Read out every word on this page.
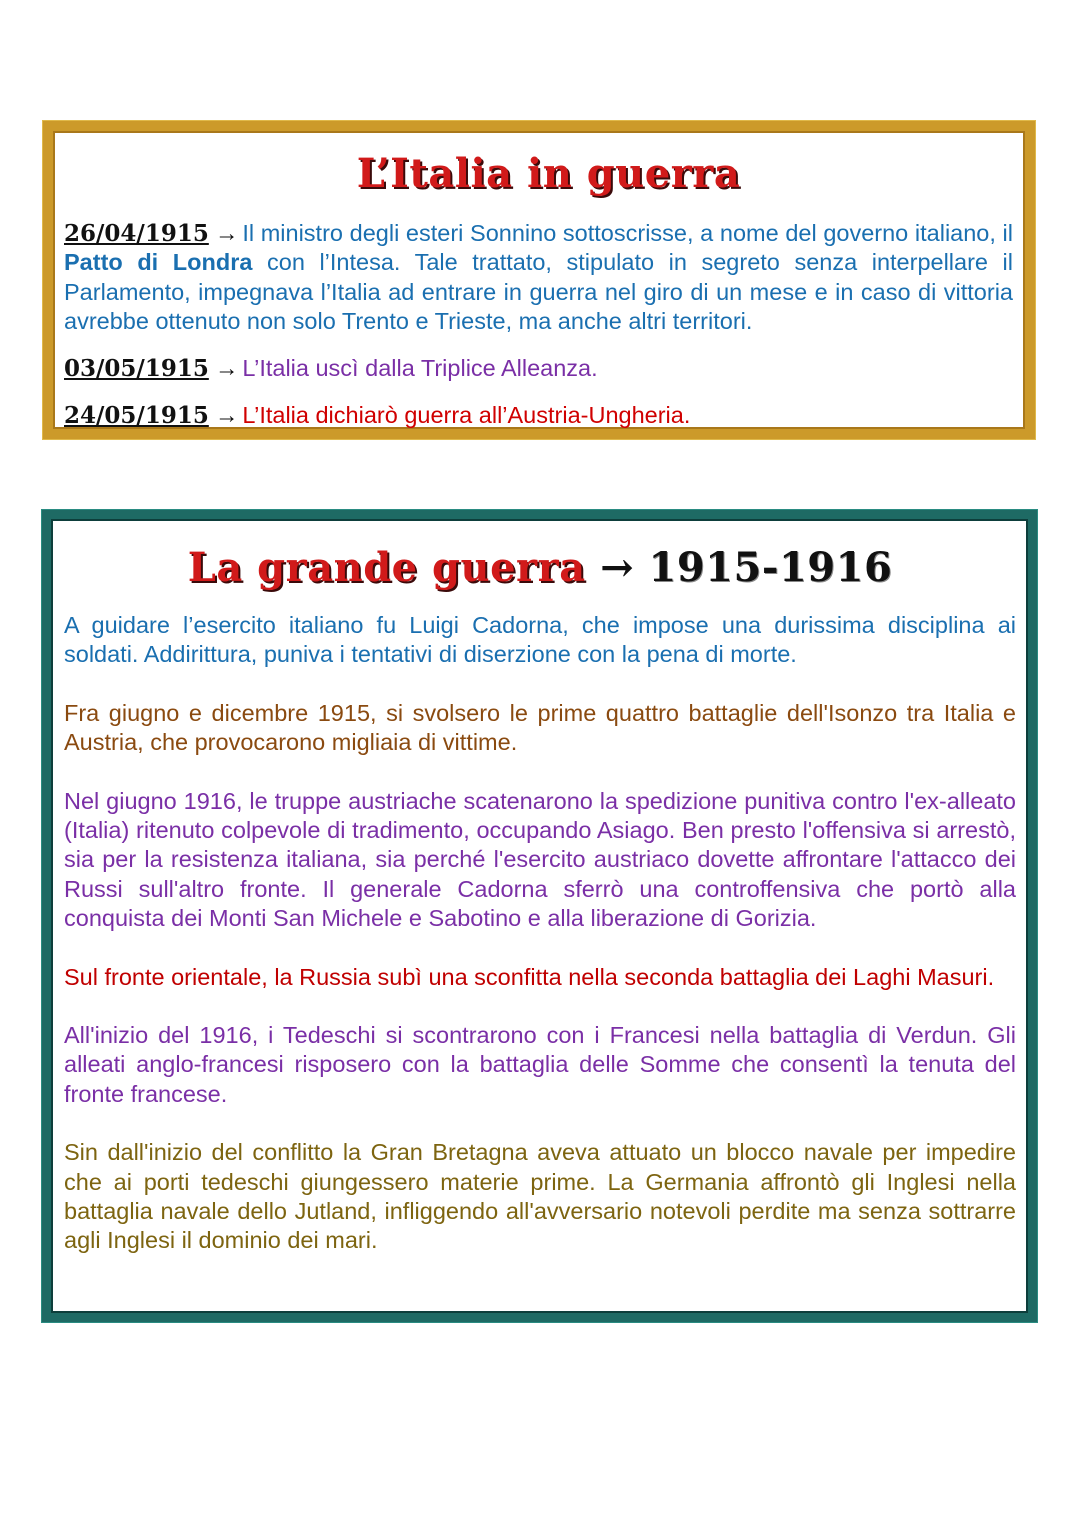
L’Italia in guerra

26/04/1915 → Il ministro degli esteri Sonnino sottoscrisse, a nome del governo italiano, il Patto di Londra con l’Intesa. Tale trattato, stipulato in segreto senza interpellare il Parlamento, impegnava l’Italia ad entrare in guerra nel giro di un mese e in caso di vittoria avrebbe ottenuto non solo Trento e Trieste, ma anche altri territori.

03/05/1915 → L’Italia uscì dalla Triplice Alleanza.

24/05/1915 → L’Italia dichiarò guerra all’Austria-Ungheria.

La grande guerra → 1915-1916

A guidare l’esercito italiano fu Luigi Cadorna, che impose una durissima disciplina ai soldati. Addirittura, puniva i tentativi di diserzione con la pena di morte.

Fra giugno e dicembre 1915, si svolsero le prime quattro battaglie dell'Isonzo tra Italia e Austria, che provocarono migliaia di vittime.

Nel giugno 1916, le truppe austriache scatenarono la spedizione punitiva contro l'ex-alleato (Italia) ritenuto colpevole di tradimento, occupando Asiago. Ben presto l'offensiva si arrestò, sia per la resistenza italiana, sia perché l'esercito austriaco dovette affrontare l'attacco dei Russi sull'altro fronte. Il generale Cadorna sferrò una controffensiva che portò alla conquista dei Monti San Michele e Sabotino e alla liberazione di Gorizia.

Sul fronte orientale, la Russia subì una sconfitta nella seconda battaglia dei Laghi Masuri.

All'inizio del 1916, i Tedeschi si scontrarono con i Francesi nella battaglia di Verdun. Gli alleati anglo-francesi risposero con la battaglia delle Somme che consentì la tenuta del fronte francese.

Sin dall'inizio del conflitto la Gran Bretagna aveva attuato un blocco navale per impedire che ai porti tedeschi giungessero materie prime. La Germania affrontò gli Inglesi nella battaglia navale dello Jutland, infliggendo all'avversario notevoli perdite ma senza sottrarre agli Inglesi il dominio dei mari.
